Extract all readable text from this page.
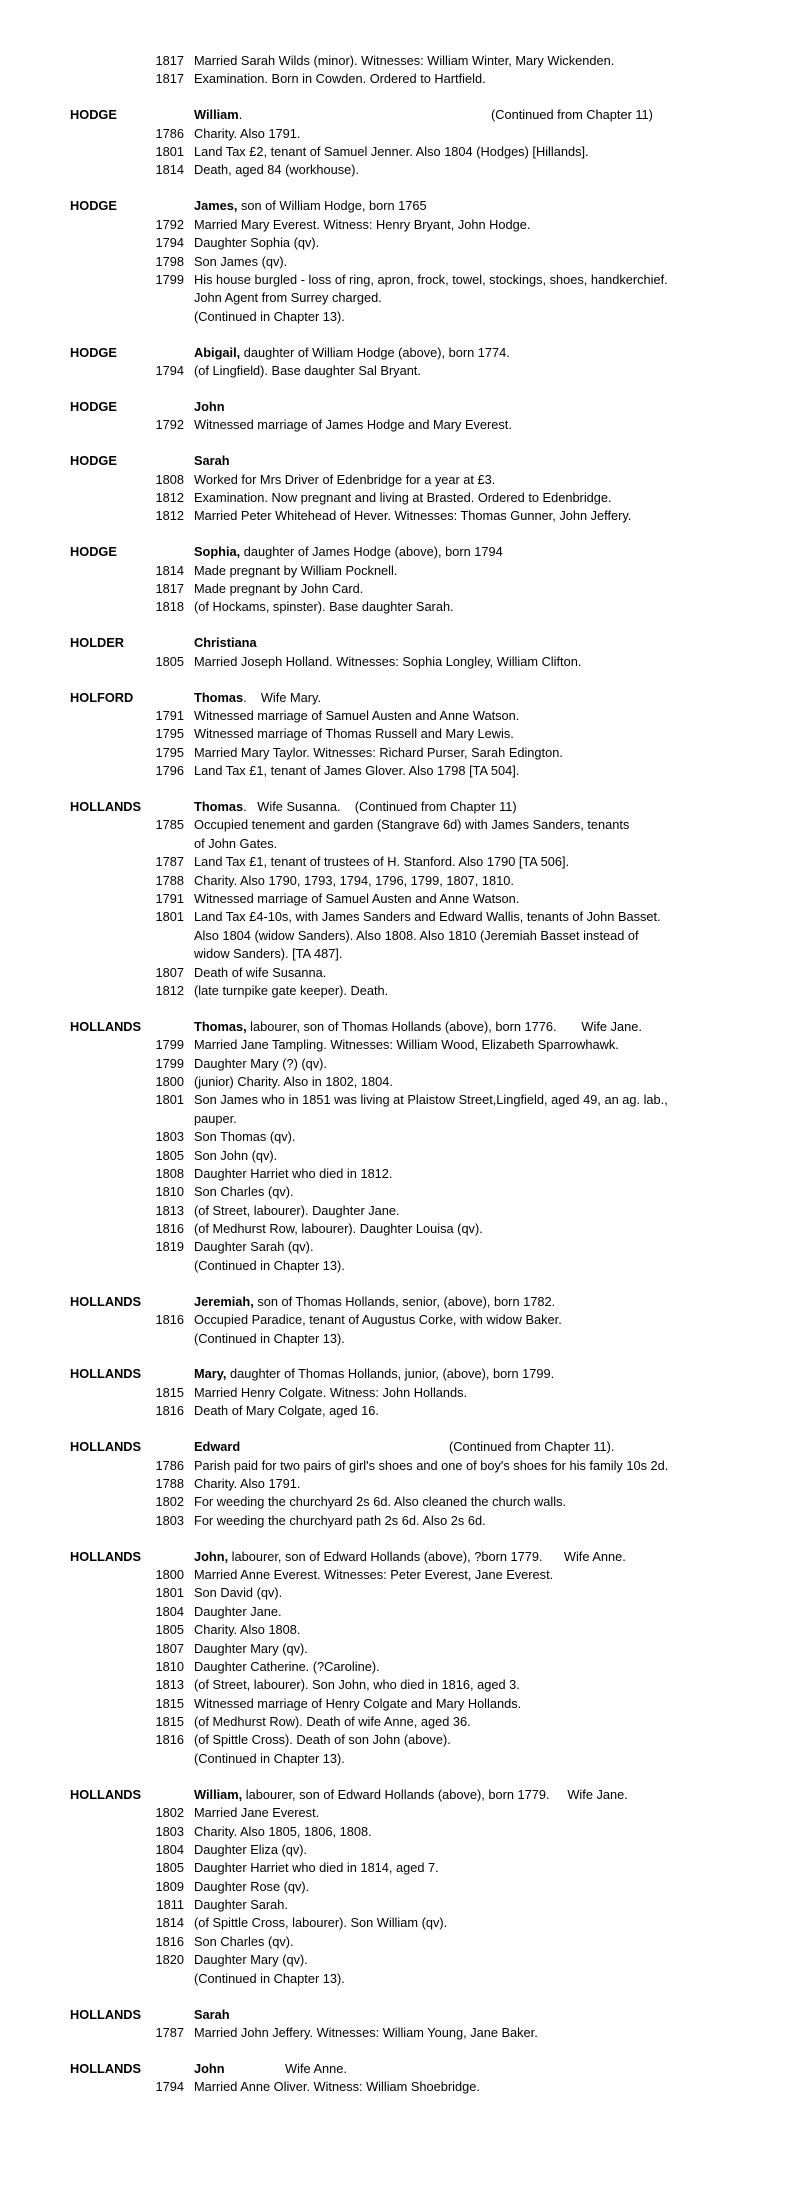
1817 Married Sarah Wilds (minor). Witnesses: William Winter, Mary Wickenden.
1817 Examination. Born in Cowden. Ordered to Hartfield.
HODGE	William.	(Continued from Chapter 11)
1786 Charity. Also 1791.
1801 Land Tax £2, tenant of Samuel Jenner. Also 1804 (Hodges) [Hillands].
1814 Death, aged 84 (workhouse).
HODGE	James, son of William Hodge, born 1765
1792 Married Mary Everest. Witness: Henry Bryant, John Hodge.
1794 Daughter Sophia (qv).
1798 Son James (qv).
1799 His house burgled - loss of ring, apron, frock, towel, stockings, shoes, handkerchief.
John Agent from Surrey charged.
(Continued in Chapter 13).
HODGE	Abigail, daughter of William Hodge (above), born 1774.
1794 (of Lingfield). Base daughter Sal Bryant.
HODGE	John
1792 Witnessed marriage of James Hodge and Mary Everest.
HODGE	Sarah
1808 Worked for Mrs Driver of Edenbridge for a year at £3.
1812 Examination. Now pregnant and living at Brasted. Ordered to Edenbridge.
1812 Married Peter Whitehead of Hever. Witnesses: Thomas Gunner, John Jeffery.
HODGE	Sophia, daughter of James Hodge (above), born 1794
1814 Made pregnant by William Pocknell.
1817 Made pregnant by John Card.
1818 (of Hockams, spinster). Base daughter Sarah.
HOLDER	Christiana
1805 Married Joseph Holland. Witnesses: Sophia Longley, William Clifton.
HOLFORD	Thomas.    Wife Mary.
1791 Witnessed marriage of Samuel Austen and Anne Watson.
1795 Witnessed marriage of Thomas Russell and Mary Lewis.
1795 Married Mary Taylor. Witnesses: Richard Purser, Sarah Edington.
1796 Land Tax £1, tenant of James Glover. Also 1798 [TA 504].
HOLLANDS	Thomas.   Wife Susanna.    (Continued from Chapter 11)
1785 Occupied tenement and garden (Stangrave 6d) with James Sanders, tenants
of John Gates.
1787 Land Tax £1, tenant of trustees of H. Stanford. Also 1790 [TA 506].
1788 Charity. Also 1790, 1793, 1794, 1796, 1799, 1807, 1810.
1791 Witnessed marriage of Samuel Austen and Anne Watson.
1801 Land Tax £4-10s, with James Sanders and Edward Wallis, tenants of John Basset.
Also 1804 (widow Sanders). Also 1808. Also 1810 (Jeremiah Basset instead of
widow Sanders). [TA 487].
1807 Death of wife Susanna.
1812 (late turnpike gate keeper). Death.
HOLLANDS	Thomas, labourer, son of Thomas Hollands (above), born 1776.       Wife Jane.
1799 Married Jane Tampling. Witnesses: William Wood, Elizabeth Sparrowhawk.
1799 Daughter Mary (?) (qv).
1800 (junior) Charity. Also in 1802, 1804.
1801 Son James who in 1851 was living at Plaistow Street,Lingfield, aged 49, an ag. lab.,
pauper.
1803 Son Thomas (qv).
1805 Son John (qv).
1808 Daughter Harriet who died in 1812.
1810 Son Charles (qv).
1813 (of Street, labourer). Daughter Jane.
1816 (of Medhurst Row, labourer). Daughter Louisa (qv).
1819 Daughter Sarah (qv).
(Continued in Chapter 13).
HOLLANDS	Jeremiah, son of Thomas Hollands, senior, (above), born 1782.
1816 Occupied Paradice, tenant of Augustus Corke, with widow Baker.
(Continued in Chapter 13).
HOLLANDS	Mary, daughter of Thomas Hollands, junior, (above), born 1799.
1815 Married Henry Colgate. Witness: John Hollands.
1816 Death of Mary Colgate, aged 16.
HOLLANDS	Edward	(Continued from Chapter 11).
1786 Parish paid for two pairs of girl's shoes and one of boy's shoes for his family 10s 2d.
1788 Charity. Also 1791.
1802 For weeding the churchyard 2s 6d. Also cleaned the church walls.
1803 For weeding the churchyard path 2s 6d. Also 2s 6d.
HOLLANDS	John, labourer, son of Edward Hollands (above), ?born 1779.      Wife Anne.
1800 Married Anne Everest. Witnesses: Peter Everest, Jane Everest.
1801 Son David (qv).
1804 Daughter Jane.
1805 Charity. Also 1808.
1807 Daughter Mary (qv).
1810 Daughter Catherine. (?Caroline).
1813 (of Street, labourer). Son John, who died in 1816, aged 3.
1815 Witnessed marriage of Henry Colgate and Mary Hollands.
1815 (of Medhurst Row). Death of wife Anne, aged 36.
1816 (of Spittle Cross). Death of son John (above).
(Continued in Chapter 13).
HOLLANDS	William, labourer, son of Edward Hollands (above), born 1779.     Wife Jane.
1802 Married Jane Everest.
1803 Charity. Also 1805, 1806, 1808.
1804 Daughter Eliza (qv).
1805 Daughter Harriet who died in 1814, aged 7.
1809 Daughter Rose (qv).
1811 Daughter Sarah.
1814 (of Spittle Cross, labourer). Son William (qv).
1816 Son Charles (qv).
1820 Daughter Mary (qv).
(Continued in Chapter 13).
HOLLANDS	Sarah
1787 Married John Jeffery. Witnesses: William Young, Jane Baker.
HOLLANDS	John                 Wife Anne.
1794 Married Anne Oliver. Witness: William Shoebridge.
